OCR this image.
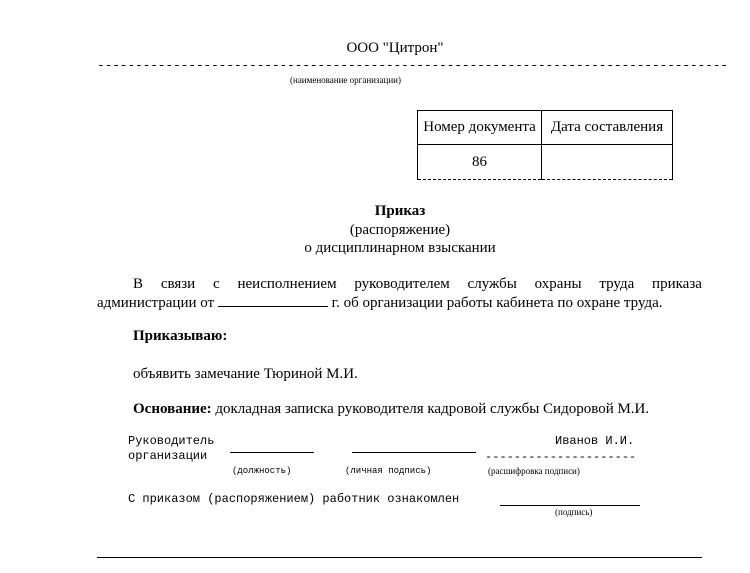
ООО "Цитрон"
-----------------------------------------------------------------------------------
(наименование организации)
Номер документа	Дата составления
86	
Приказ
(распоряжение)
о дисциплинарном взыскании
В связи с неисполнением руководителем службы охраны труда приказа
администрации от	г. об организации работы кабинета по охране труда.
Приказываю:
объявить замечание Тюриной М.И.
Основание: докладная записка руководителя кадровой службы Сидоровой М.И.
Руководитель
организации
Иванов И.И.
---------------------
(должность)	(личная подпись)	(расшифровка подписи)
С приказом (распоряжением) работник ознакомлен
(подпись)
